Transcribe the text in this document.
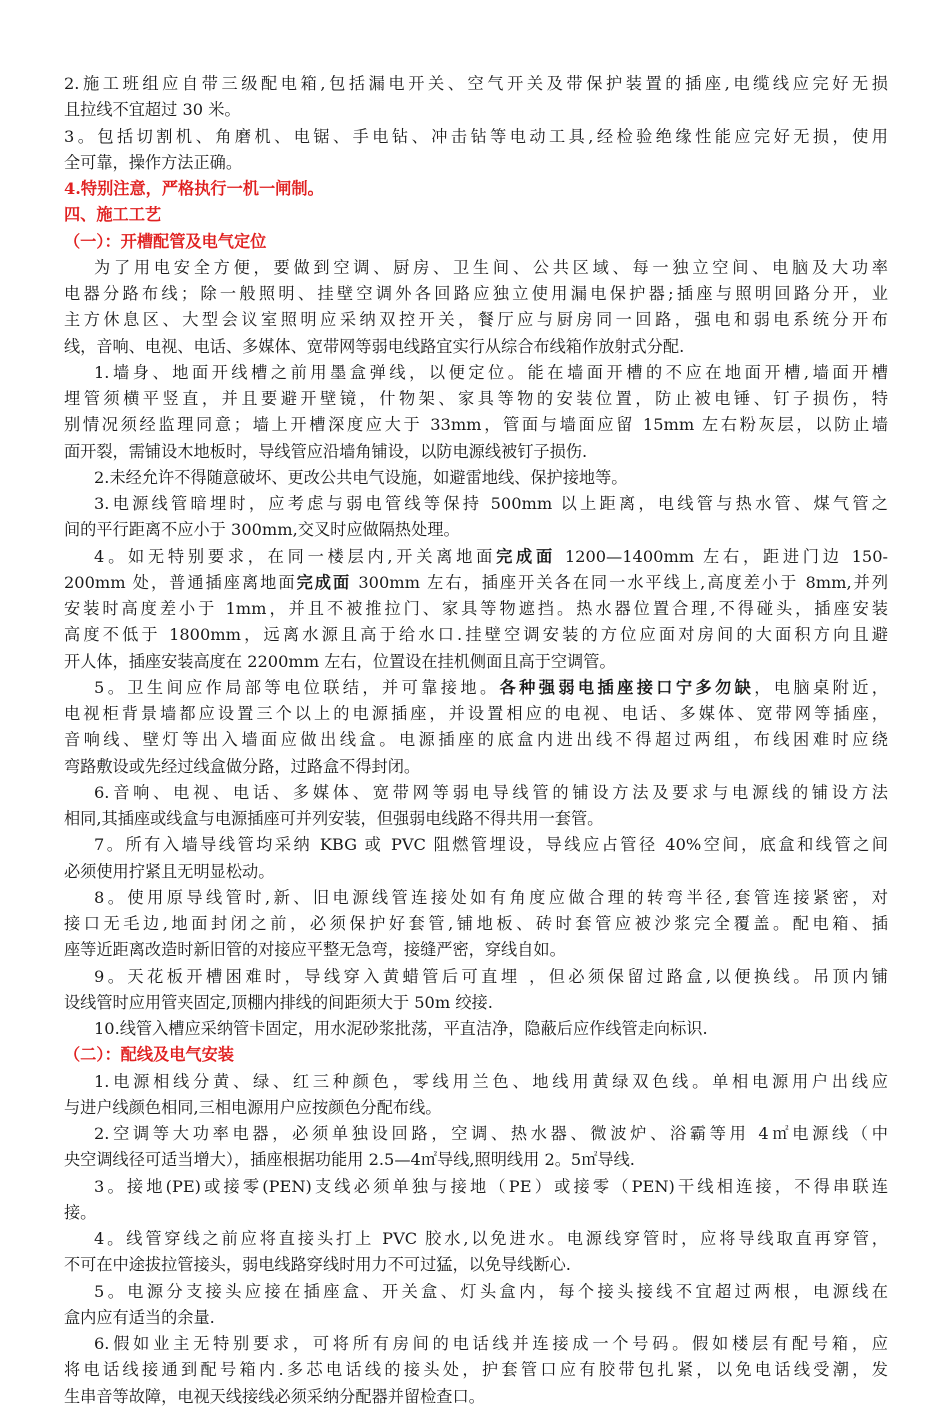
2.施工班组应自带三级配电箱,包括漏电开关、空气开关及带保护装置的插座,电缆线应完好无损
且拉线不宜超过 30 米。
3。包括切割机、角磨机、电锯、手电钻、冲击钻等电动工具,经检验绝缘性能应完好无损，使用
全可靠，操作方法正确。
4.特别注意，严格执行一机一闸制。
四、施工工艺
（一）：开槽配管及电气定位
为了用电安全方便，要做到空调、厨房、卫生间、公共区域、每一独立空间、电脑及大功率
电器分路布线；除一般照明、挂壁空调外各回路应独立使用漏电保护器;插座与照明回路分开，业
主方休息区、大型会议室照明应采纳双控开关，餐厅应与厨房同一回路，强电和弱电系统分开布
线，音响、电视、电话、多媒体、宽带网等弱电线路宜实行从综合布线箱作放射式分配.
1.墙身、地面开线槽之前用墨盒弹线，以便定位。能在墙面开槽的不应在地面开槽,墙面开槽
埋管须横平竖直，并且要避开壁镜，什物架、家具等物的安装位置，防止被电锤、钉子损伤，特
别情况须经监理同意；墙上开槽深度应大于 33mm，管面与墙面应留 15mm 左右粉灰层，以防止墙
面开裂，需铺设木地板时，导线管应沿墙角铺设，以防电源线被钉子损伤.
2.未经允许不得随意破坏、更改公共电气设施，如避雷地线、保护接地等。
3.电源线管暗埋时，应考虑与弱电管线等保持 500mm 以上距离，电线管与热水管、煤气管之
间的平行距离不应小于 300mm,交叉时应做隔热处理。
4。如无特别要求，在同一楼层内,开关离地面完成面 1200—1400mm 左右，距进门边 150-
200mm 处，普通插座离地面完成面 300mm 左右，插座开关各在同一水平线上,高度差小于 8mm,并列
安装时高度差小于 1mm，并且不被推拉门、家具等物遮挡。热水器位置合理,不得碰头，插座安装
高度不低于 1800mm，远离水源且高于给水口.挂壁空调安装的方位应面对房间的大面积方向且避
开人体，插座安装高度在 2200mm 左右，位置设在挂机侧面且高于空调管。
5。卫生间应作局部等电位联结，并可靠接地。各种强弱电插座接口宁多勿缺，电脑桌附近，
电视柜背景墙都应设置三个以上的电源插座，并设置相应的电视、电话、多媒体、宽带网等插座，
音响线、壁灯等出入墙面应做出线盒。电源插座的底盒内进出线不得超过两组，布线困难时应绕
弯路敷设或先经过线盒做分路，过路盒不得封闭。
6.音响、电视、电话、多媒体、宽带网等弱电导线管的铺设方法及要求与电源线的铺设方法
相同,其插座或线盒与电源插座可并列安装，但强弱电线路不得共用一套管。
7。所有入墙导线管均采纳 KBG 或 PVC 阻燃管埋设，导线应占管径 40%空间，底盒和线管之间
必须使用拧紧且无明显松动。
8。使用原导线管时,新、旧电源线管连接处如有角度应做合理的转弯半径,套管连接紧密，对
接口无毛边,地面封闭之前，必须保护好套管,铺地板、砖时套管应被沙浆完全覆盖。配电箱、插
座等近距离改造时新旧管的对接应平整无急弯，接缝严密，穿线自如。
9。天花板开槽困难时，导线穿入黄蜡管后可直埋 ，但必须保留过路盒,以便换线。吊顶内铺
设线管时应用管夹固定,顶棚内排线的间距须大于 50m 绞接.
10.线管入槽应采纳管卡固定，用水泥砂浆批荡，平直洁净，隐蔽后应作线管走向标识.
（二）：配线及电气安装
1.电源相线分黄、绿、红三种颜色，零线用兰色、地线用黄绿双色线。单相电源用户出线应
与进户线颜色相同,三相电源用户应按颜色分配布线。
2.空调等大功率电器，必须单独设回路，空调、热水器、微波炉、浴霸等用 4㎡电源线（中
央空调线径可适当增大），插座根据功能用 2.5—4㎡导线,照明线用 2。5㎡导线.
3。接地(PE)或接零(PEN)支线必须单独与接地（PE）或接零（PEN)干线相连接，不得串联连
接。
4。线管穿线之前应将直接头打上 PVC 胶水,以免进水。电源线穿管时，应将导线取直再穿管，
不可在中途拔拉管接头，弱电线路穿线时用力不可过猛，以免导线断心.
5。电源分支接头应接在插座盒、开关盒、灯头盒内，每个接头接线不宜超过两根，电源线在
盒内应有适当的余量.
6.假如业主无特别要求，可将所有房间的电话线并连接成一个号码。假如楼层有配号箱，应
将电话线接通到配号箱内.多芯电话线的接头处，护套管口应有胶带包扎紧，以免电话线受潮，发
生串音等故障，电视天线接线必须采纳分配器并留检查口。
